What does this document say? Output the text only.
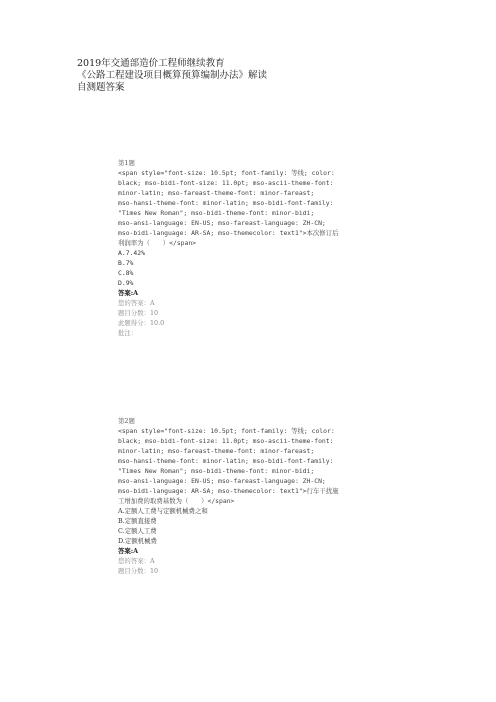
2019年交通部造价工程师继续教育
《公路工程建设项目概算预算编制办法》解读
自测题答案
第1题
<span style="font-size: 10.5pt; font-family: 等线; color:
black; mso-bidi-font-size: 11.0pt; mso-ascii-theme-font:
minor-latin; mso-fareast-theme-font: minor-fareast;
mso-hansi-theme-font: minor-latin; mso-bidi-font-family:
"Times New Roman"; mso-bidi-theme-font: minor-bidi;
mso-ansi-language: EN-US; mso-fareast-language: ZH-CN;
mso-bidi-language: AR-SA; mso-themecolor: text1">本次修订后
利润率为（　　）</span>
A.7.42%
B.7%
C.8%
D.9%
答案:A
您的答案：A
题目分数：10
此题得分：10.0
批注：
第2题
<span style="font-size: 10.5pt; font-family: 等线; color:
black; mso-bidi-font-size: 11.0pt; mso-ascii-theme-font:
minor-latin; mso-fareast-theme-font: minor-fareast;
mso-hansi-theme-font: minor-latin; mso-bidi-font-family:
"Times New Roman"; mso-bidi-theme-font: minor-bidi;
mso-ansi-language: EN-US; mso-fareast-language: ZH-CN;
mso-bidi-language: AR-SA; mso-themecolor: text1">行车干扰施
工增加费的取费基数为（　　）</span>
A.定额人工费与定额机械费之和
B.定额直接费
C.定额人工费
D.定额机械费
答案:A
您的答案：A
题目分数：10
